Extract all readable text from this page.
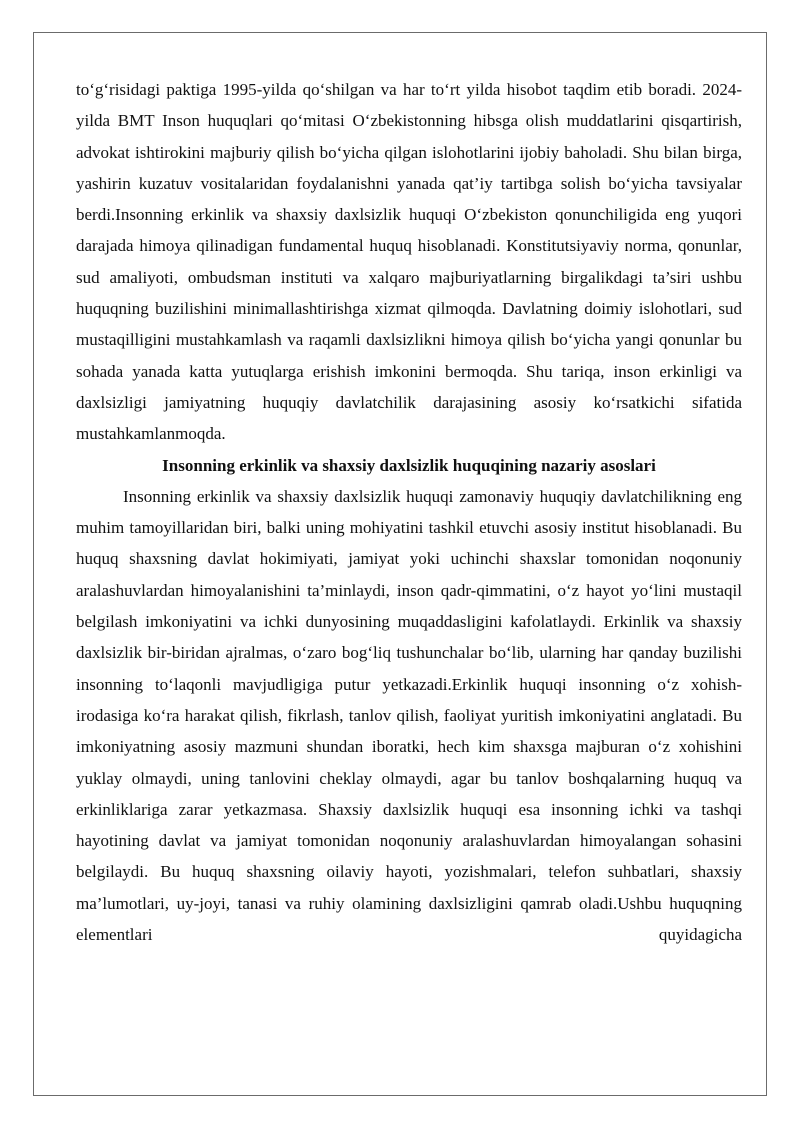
to‘g‘risidagi paktiga 1995-yilda qo‘shilgan va har to‘rt yilda hisobot taqdim etib boradi. 2024-yilda BMT Inson huquqlari qo‘mitasi O‘zbekistonning hibsga olish muddatlarini qisqartirish, advokat ishtirokini majburiy qilish bo‘yicha qilgan islohotlarini ijobiy baholadi. Shu bilan birga, yashirin kuzatuv vositalaridan foydalanishni yanada qat’iy tartibga solish bo‘yicha tavsiyalar berdi.Insonning erkinlik va shaxsiy daxlsizlik huquqi O‘zbekiston qonunchiligida eng yuqori darajada himoya qilinadigan fundamental huquq hisoblanadi. Konstitutsiyaviy norma, qonunlar, sud amaliyoti, ombudsman instituti va xalqaro majburiyatlarning birgalikdagi ta’siri ushbu huquqning buzilishini minimallashtirishga xizmat qilmoqda. Davlatning doimiy islohotlari, sud mustaqilligini mustahkamlash va raqamli daxlsizlikni himoya qilish bo‘yicha yangi qonunlar bu sohada yanada katta yutuqlarga erishish imkonini bermoqda. Shu tariqa, inson erkinligi va daxlsizligi jamiyatning huquqiy davlatchilik darajasining asosiy ko‘rsatkichi sifatida mustahkamlanmoqda.

Insonning erkinlik va shaxsiy daxlsizlik huquqining nazariy asoslari

Insonning erkinlik va shaxsiy daxlsizlik huquqi zamonaviy huquqiy davlatchilikning eng muhim tamoyillaridan biri, balki uning mohiyatini tashkil etuvchi asosiy institut hisoblanadi. Bu huquq shaxsning davlat hokimiyati, jamiyat yoki uchinchi shaxslar tomonidan noqonuniy aralashuvlardan himoyalanishini ta’minlaydi, inson qadr-qimmatini, o‘z hayot yo‘lini mustaqil belgilash imkoniyatini va ichki dunyosining muqaddasligini kafolatlaydi. Erkinlik va shaxsiy daxlsizlik bir-biridan ajralmas, o‘zaro bog‘liq tushunchalar bo‘lib, ularning har qanday buzilishi insonning to‘laqonli mavjudligiga putur yetkazadi.Erkinlik huquqi insonning o‘z xohish-irodasiga ko‘ra harakat qilish, fikrlash, tanlov qilish, faoliyat yuritish imkoniyatini anglatadi. Bu imkoniyatning asosiy mazmuni shundan iboratki, hech kim shaxsga majburan o‘z xohishini yuklay olmaydi, uning tanlovini cheklay olmaydi, agar bu tanlov boshqalarning huquq va erkinliklariga zarar yetkazmasa. Shaxsiy daxlsizlik huquqi esa insonning ichki va tashqi hayotining davlat va jamiyat tomonidan noqonuniy aralashuvlardan himoyalangan sohasini belgilaydi. Bu huquq shaxsning oilaviy hayoti, yozishmalari, telefon suhbatlari, shaxsiy ma’lumotlari, uy-joyi, tanasi va ruhiy olamining daxlsizligini qamrab oladi.Ushbu huquqning elementlari quyidagicha
